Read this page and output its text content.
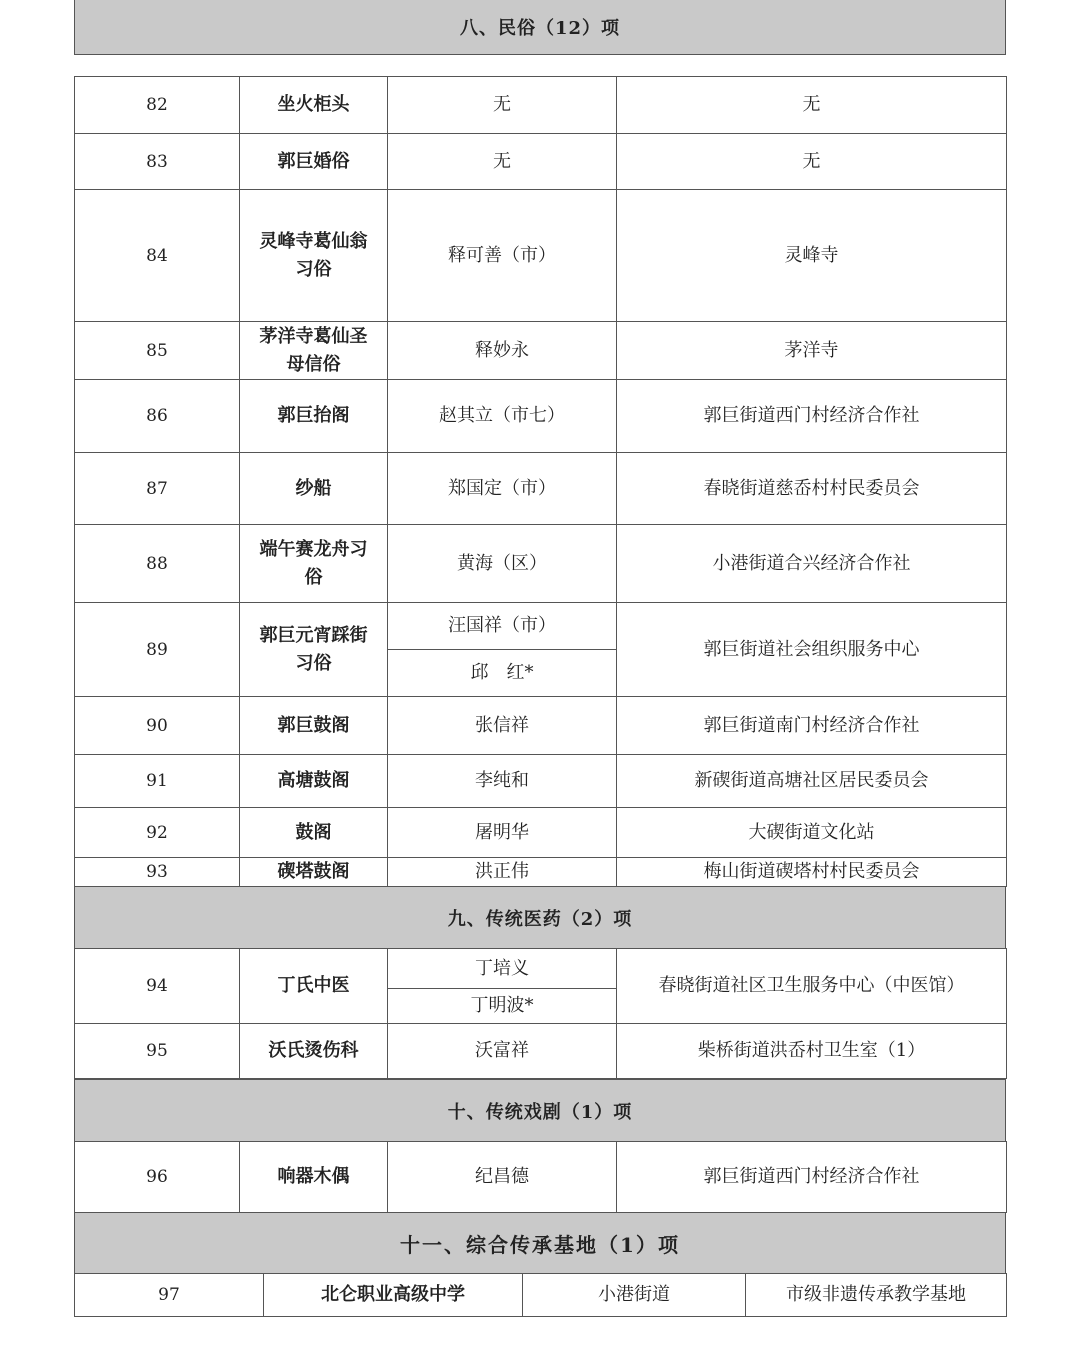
八、民俗（12）项
82	坐火柜头	无	无
83	郭巨婚俗	无	无
84	灵峰寺葛仙翁习俗	释可善（市）	灵峰寺
85	茅洋寺葛仙圣母信俗	释妙永	茅洋寺
86	郭巨抬阁	赵其立（市七）	郭巨街道西门村经济合作社
87	纱船	郑国定（市）	春晓街道慈岙村村民委员会
88	端午赛龙舟习俗	黄海（区）	小港街道合兴经济合作社
89	郭巨元宵踩街习俗	汪国祥（市）	郭巨街道社会组织服务中心
		邱　红*	
90	郭巨鼓阁	张信祥	郭巨街道南门村经济合作社
91	高塘鼓阁	李纯和	新碶街道高塘社区居民委员会
92	鼓阁	屠明华	大碶街道文化站
93	碶塔鼓阁	洪正伟	梅山街道碶塔村村民委员会
九、传统医药（2）项
94	丁氏中医	丁培义	春晓街道社区卫生服务中心（中医馆）
		丁明波*	
95	沃氏烫伤科	沃富祥	柴桥街道洪岙村卫生室（1）
十、传统戏剧（1）项
96	响器木偶	纪昌德	郭巨街道西门村经济合作社
十一、综合传承基地（1）项
97	北仑职业高级中学	小港街道	市级非遗传承教学基地
